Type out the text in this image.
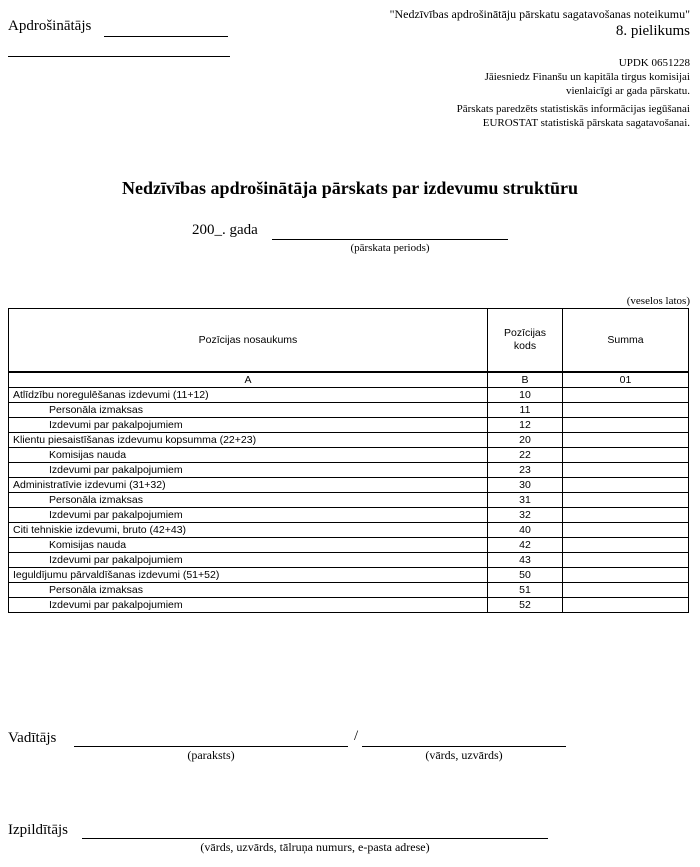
Apdrošinātājs
"Nedzīvības apdrošinātāju pārskatu sagatavošanas noteikumu"
8. pielikums
UPDK 0651228
Jāiesniedz Finanšu un kapitāla tirgus komisijai
vienlaicīgi ar gada pārskatu.
Pārskats paredzēts statistiskās informācijas iegūšanai
EUROSTAT statistiskā pārskata sagatavošanai.
Nedzīvības apdrošinātāja pārskats par izdevumu struktūru
200_. gada
(pārskata periods)
(veselos latos)
Pozīcijas nosaukums	Pozīcijas kods	Summa
A	B	01
Atlīdzību noregulēšanas izdevumi (11+12)	10	
Personāla izmaksas	11	
Izdevumi par pakalpojumiem	12	
Klientu piesaistīšanas izdevumu kopsumma (22+23)	20	
Komisijas nauda	22	
Izdevumi par pakalpojumiem	23	
Administratīvie izdevumi (31+32)	30	
Personāla izmaksas	31	
Izdevumi par pakalpojumiem	32	
Citi tehniskie izdevumi, bruto (42+43)	40	
Komisijas nauda	42	
Izdevumi par pakalpojumiem	43	
Ieguldījumu pārvaldīšanas izdevumi (51+52)	50	
Personāla izmaksas	51	
Izdevumi par pakalpojumiem	52	
Vadītājs	/
(paraksts)	(vārds, uzvārds)
Izpildītājs
(vārds, uzvārds, tālruņa numurs, e-pasta adrese)
